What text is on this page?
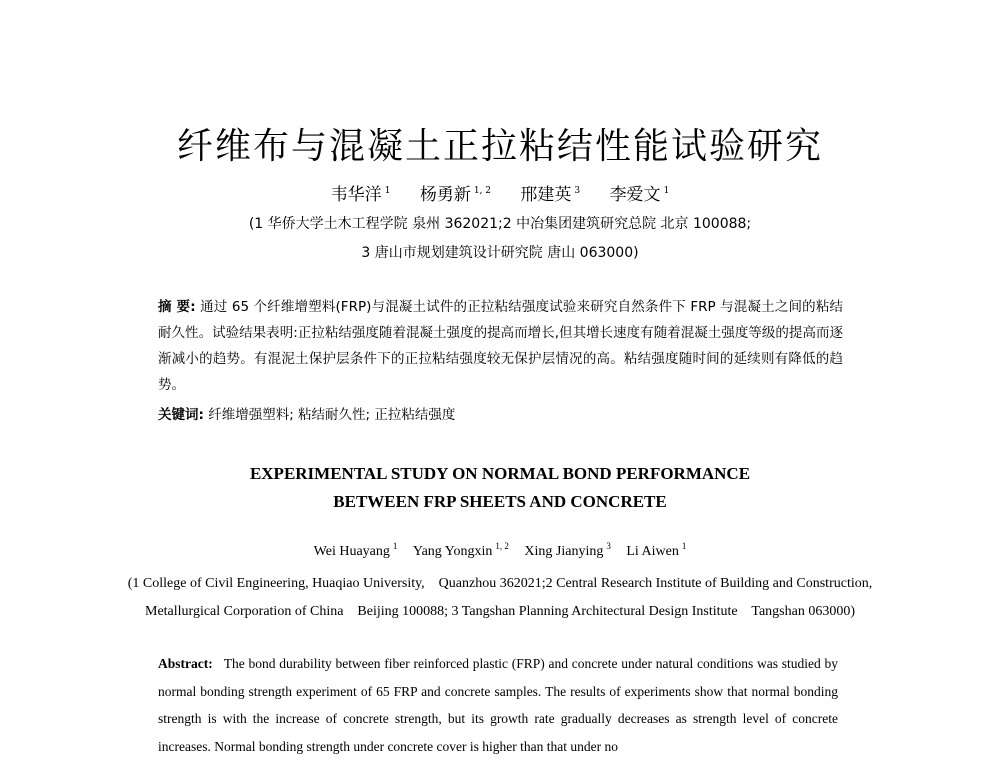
纤维布与混凝土正拉粘结性能试验研究
韦华洋 $^1$ 杨勇新 $^{1, 2}$ 邢建英 $^3$ 李爱文 $^1$
(1 华侨大学土木工程学院 泉州 362021;2 中冶集团建筑研究总院 北京 100088;
3 唐山市规划建筑设计研究院 唐山 063000)
摘 要: 通过 65 个纤维增塑料(FRP)与混凝土试件的正拉粘结强度试验来研究自然条件下 FRP 与混凝土之间的粘结耐久性。试验结果表明:正拉粘结强度随着混凝土强度的提高而增长,但其增长速度有随着混凝土强度等级的提高而逐渐减小的趋势。有混泥土保护层条件下的正拉粘结强度较无保护层情况的高。粘结强度随时间的延续则有降低的趋势。
关键词: 纤维增强塑料; 粘结耐久性; 正拉粘结强度
EXPERIMENTAL STUDY ON NORMAL BOND PERFORMANCE
BETWEEN FRP SHEETS AND CONCRETE
Wei Huayang $^1$ Yang Yongxin $^{1, 2}$ Xing Jianying $^3$ Li Aiwen $^1$
(1 College of Civil Engineering, Huaqiao University,    Quanzhou 362021;2 Central Research Institute of Building and Construction,
Metallurgical Corporation of China    Beijing 100088; 3 Tangshan Planning Architectural Design Institute    Tangshan 063000)
Abstract: The bond durability between fiber reinforced plastic (FRP) and concrete under natural conditions was studied by normal bonding strength experiment of 65 FRP and concrete samples. The results of experiments show that normal bonding strength is with the increase of concrete strength, but its growth rate gradually decreases as strength level of concrete increases. Normal bonding strength under concrete cover is higher than that under no
